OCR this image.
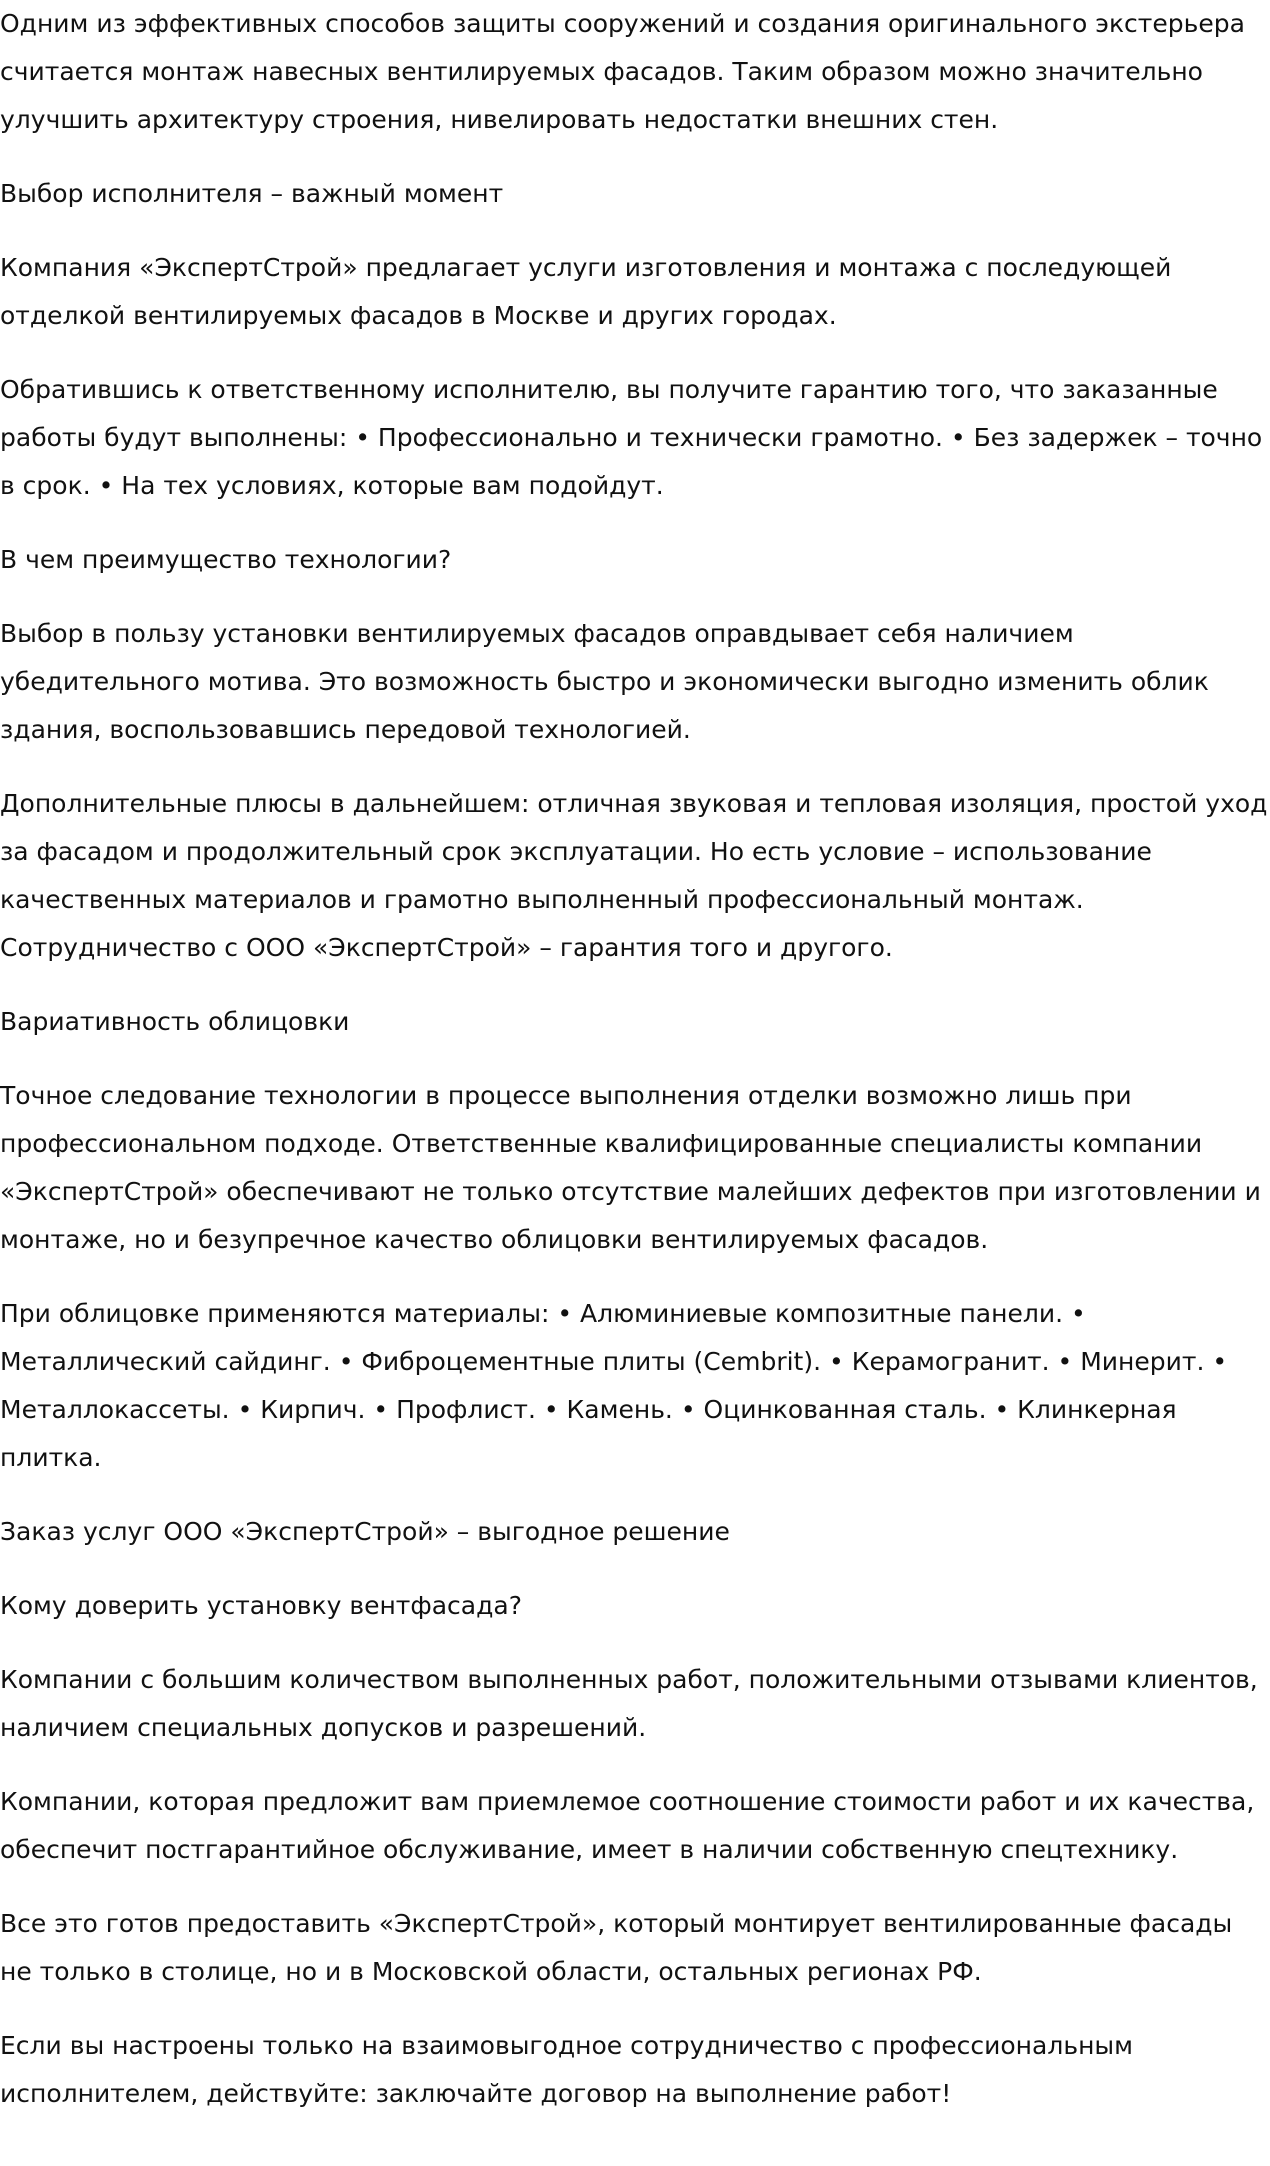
Одним из эффективных способов защиты сооружений и создания оригинального экстерьера считается монтаж навесных вентилируемых фасадов. Таким образом можно значительно улучшить архитектуру строения, нивелировать недостатки внешних стен.

Выбор исполнителя – важный момент

Компания «ЭкспертСтрой» предлагает услуги изготовления и монтажа с последующей отделкой вентилируемых фасадов в Москве и других городах.

Обратившись к ответственному исполнителю, вы получите гарантию того, что заказанные работы будут выполнены: • Профессионально и технически грамотно. • Без задержек – точно в срок. • На тех условиях, которые вам подойдут.

В чем преимущество технологии?

Выбор в пользу установки вентилируемых фасадов оправдывает себя наличием убедительного мотива. Это возможность быстро и экономически выгодно изменить облик здания, воспользовавшись передовой технологией.

Дополнительные плюсы в дальнейшем: отличная звуковая и тепловая изоляция, простой уход за фасадом и продолжительный срок эксплуатации. Но есть условие – использование качественных материалов и грамотно выполненный профессиональный монтаж. Сотрудничество с ООО «ЭкспертСтрой» – гарантия того и другого.

Вариативность облицовки

Точное следование технологии в процессе выполнения отделки возможно лишь при профессиональном подходе. Ответственные квалифицированные специалисты компании «ЭкспертСтрой» обеспечивают не только отсутствие малейших дефектов при изготовлении и монтаже, но и безупречное качество облицовки вентилируемых фасадов.

При облицовке применяются материалы: • Алюминиевые композитные панели. • Металлический сайдинг. • Фиброцементные плиты (Cembrit). • Керамогранит. • Минерит. • Металлокассеты. • Кирпич. • Профлист. • Камень. • Оцинкованная сталь. • Клинкерная плитка.

Заказ услуг ООО «ЭкспертСтрой» – выгодное решение

Кому доверить установку вентфасада?

Компании с большим количеством выполненных работ, положительными отзывами клиентов, наличием специальных допусков и разрешений.

Компании, которая предложит вам приемлемое соотношение стоимости работ и их качества, обеспечит постгарантийное обслуживание, имеет в наличии собственную спецтехнику.

Все это готов предоставить «ЭкспертСтрой», который монтирует вентилированные фасады не только в столице, но и в Московской области, остальных регионах РФ.

Если вы настроены только на взаимовыгодное сотрудничество с профессиональным исполнителем, действуйте: заключайте договор на выполнение работ!
